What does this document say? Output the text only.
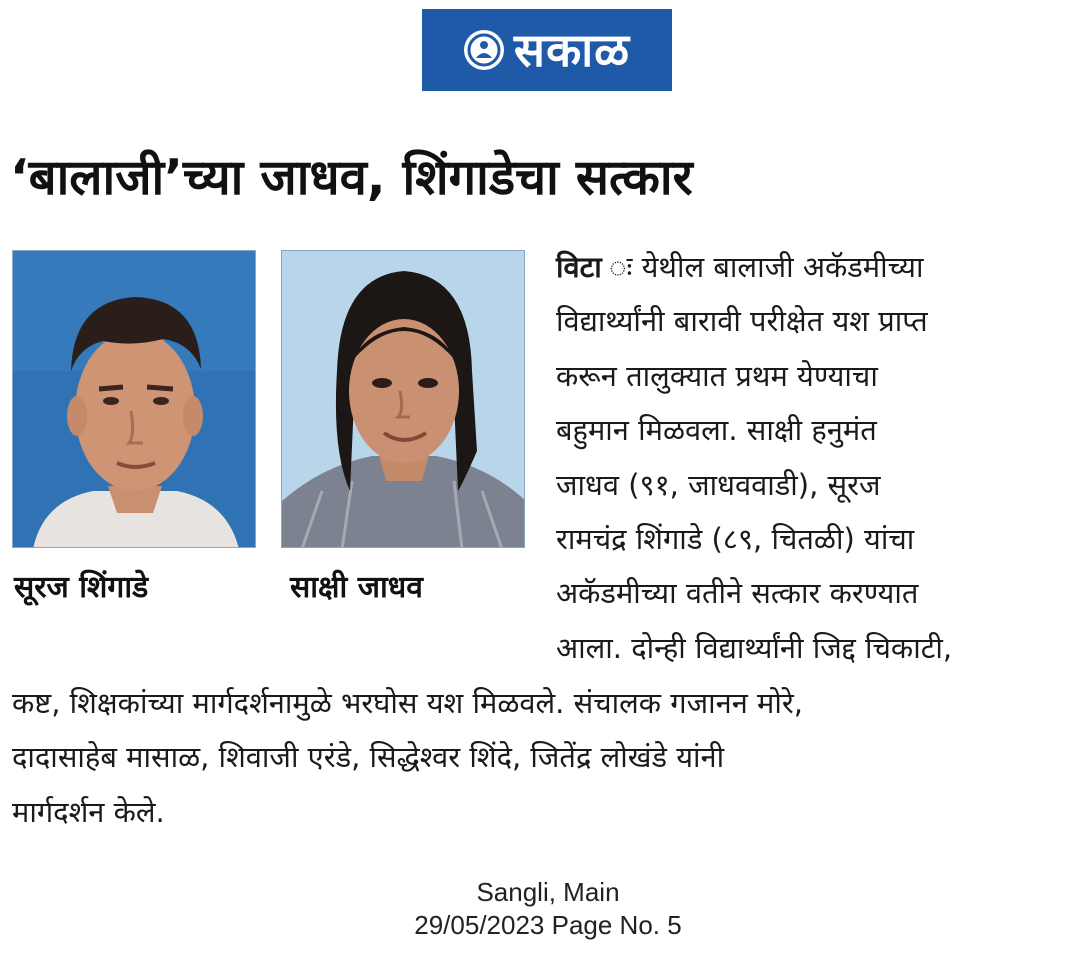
सकाळ
‘बालाजी’च्या जाधव, शिंगाडेचा सत्कार
सूरज शिंगाडे	साक्षी जाधव
विटा ः येथील बालाजी अकॅडमीच्या
विद्यार्थ्यांनी बारावी परीक्षेत यश प्राप्त
करून तालुक्यात प्रथम येण्याचा
बहुमान मिळवला. साक्षी हनुमंत
जाधव (९१, जाधववाडी), सूरज
रामचंद्र शिंगाडे (८९, चितळी) यांचा
अकॅडमीच्या वतीने सत्कार करण्यात
आला. दोन्ही विद्यार्थ्यांनी जिद्द चिकाटी,
कष्ट, शिक्षकांच्या मार्गदर्शनामुळे भरघोस यश मिळवले. संचालक गजानन मोरे,
दादासाहेब मासाळ, शिवाजी एरंडे, सिद्धेश्वर शिंदे, जितेंद्र लोखंडे यांनी
मार्गदर्शन केले.
Sangli, Main
29/05/2023 Page No. 5
